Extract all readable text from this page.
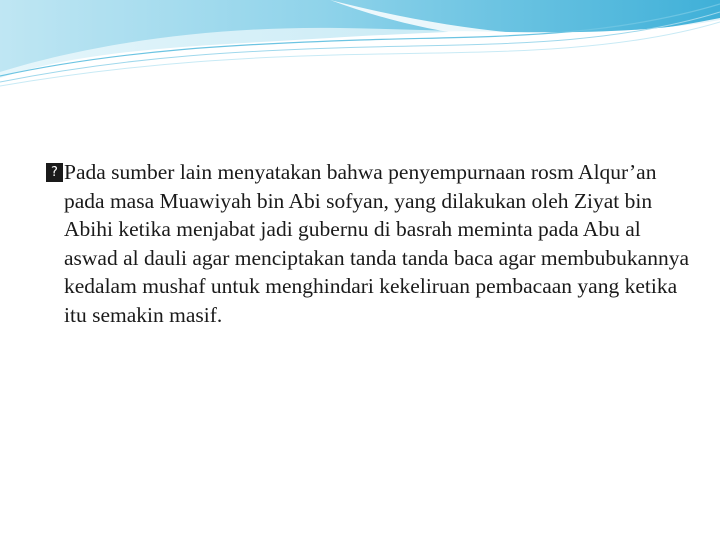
? Pada sumber lain menyatakan bahwa penyempurnaan rosm Alqur’an pada masa Muawiyah bin Abi sofyan, yang dilakukan oleh Ziyat bin Abihi ketika menjabat jadi gubernu di basrah meminta pada Abu al aswad al dauli agar menciptakan tanda tanda baca agar membubukannya kedalam mushaf untuk menghindari kekeliruan pembacaan yang ketika itu semakin masif.
